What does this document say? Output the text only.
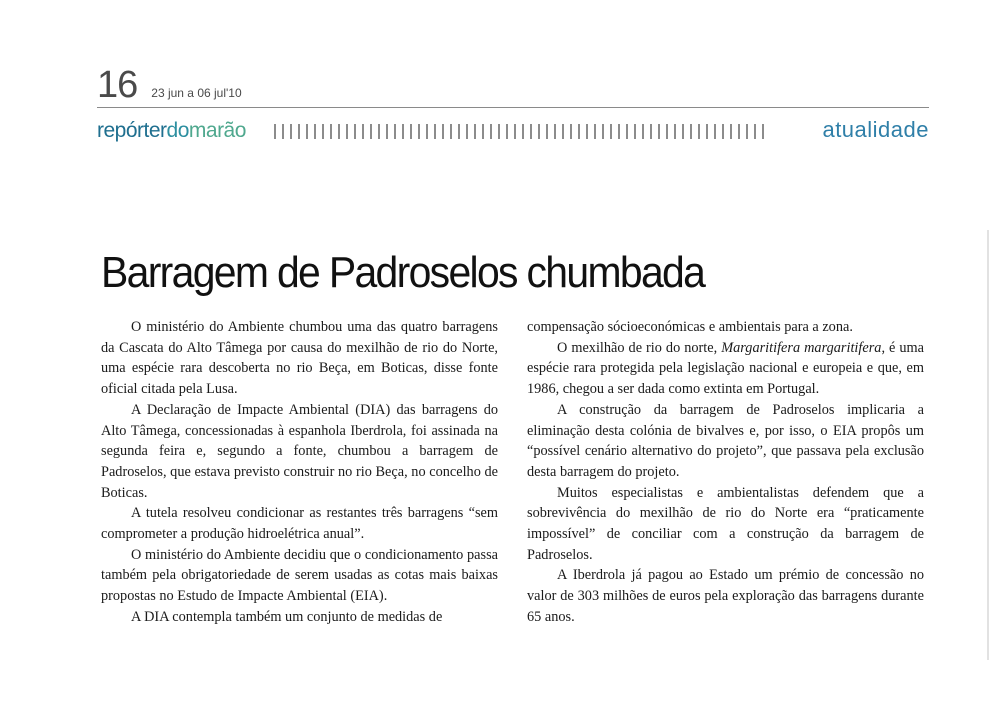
16 23 jun a 06 jul'10
repórterdomarão	atualidade
Barragem de Padroselos chumbada

O ministério do Ambiente chumbou uma das quatro barragens da Cascata do Alto Tâmega por causa do mexilhão de rio do Norte, uma espécie rara descoberta no rio Beça, em Boticas, disse fonte oficial citada pela Lusa.

A Declaração de Impacte Ambiental (DIA) das barragens do Alto Tâmega, concessionadas à espanhola Iberdrola, foi assinada na segunda feira e, segundo a fonte, chumbou a barragem de Padroselos, que estava previsto construir no rio Beça, no concelho de Boticas.

A tutela resolveu condicionar as restantes três barragens “sem comprometer a produção hidroelétrica anual”.

O ministério do Ambiente decidiu que o condicionamento passa também pela obrigatoriedade de serem usadas as cotas mais baixas propostas no Estudo de Impacte Ambiental (EIA).

A DIA contempla também um conjunto de medidas de

compensação sócioeconómicas e ambientais para a zona.

O mexilhão de rio do norte, Margaritifera margaritifera, é uma espécie rara protegida pela legislação nacional e europeia e que, em 1986, chegou a ser dada como extinta em Portugal.

A construção da barragem de Padroselos implicaria a eliminação desta colónia de bivalves e, por isso, o EIA propôs um “possível cenário alternativo do projeto”, que passava pela exclusão desta barragem do projeto.

Muitos especialistas e ambientalistas defendem que a sobrevivência do mexilhão de rio do Norte era “praticamente impossível” de conciliar com a construção da barragem de Padroselos.

A Iberdrola já pagou ao Estado um prémio de concessão no valor de 303 milhões de euros pela exploração das barragens durante 65 anos.
